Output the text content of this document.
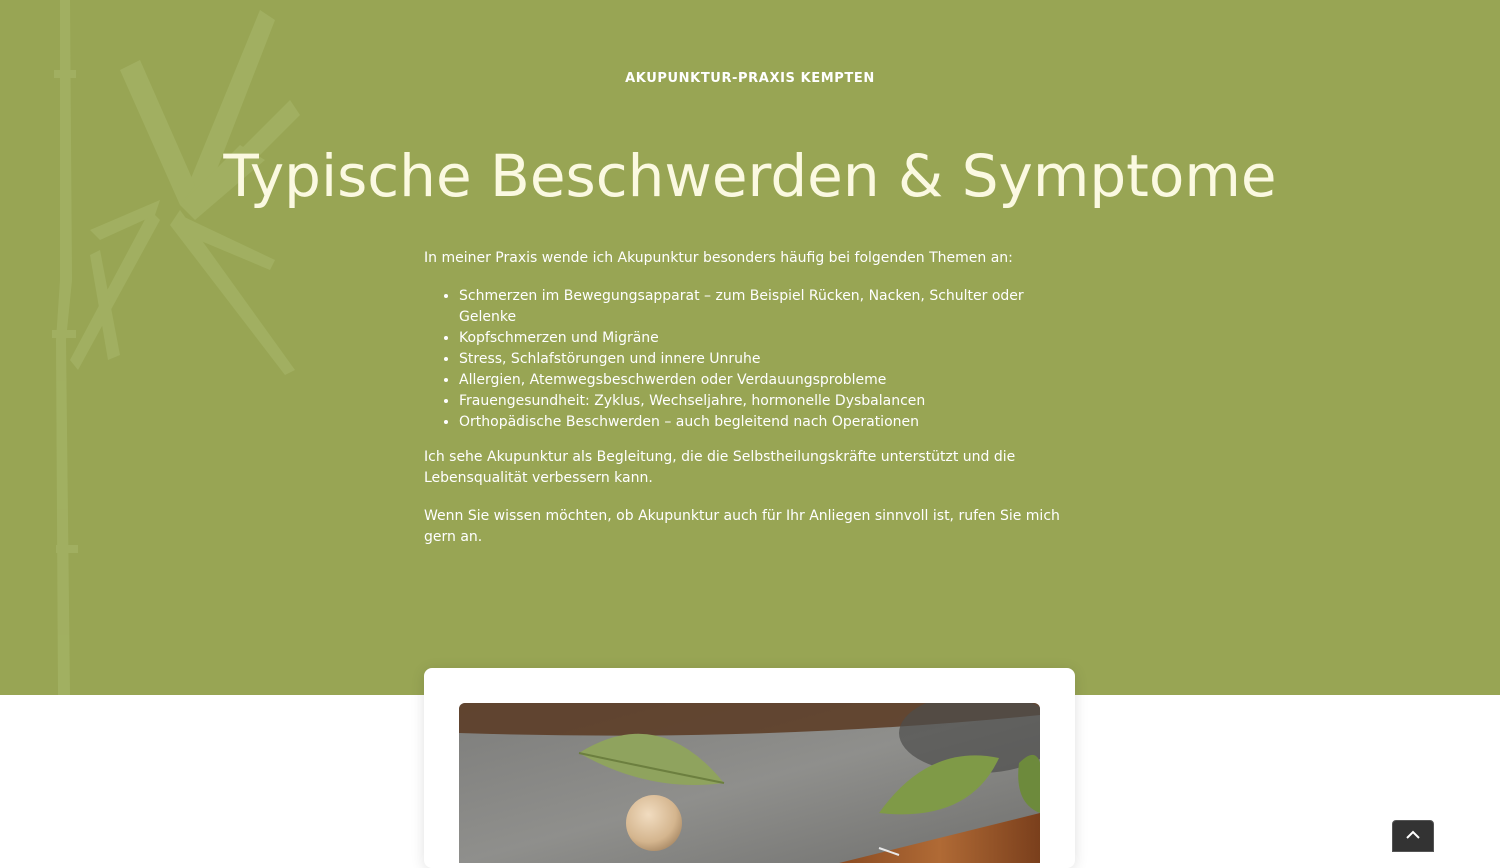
AKUPUNKTUR-PRAXIS KEMPTEN
Typische Beschwerden & Symptome

In meiner Praxis wende ich Akupunktur besonders häufig bei folgenden Themen an:

• Schmerzen im Bewegungsapparat – zum Beispiel Rücken, Nacken, Schulter oder Gelenke
• Kopfschmerzen und Migräne
• Stress, Schlafstörungen und innere Unruhe
• Allergien, Atemwegsbeschwerden oder Verdauungsprobleme
• Frauengesundheit: Zyklus, Wechseljahre, hormonelle Dysbalancen
• Orthopädische Beschwerden – auch begleitend nach Operationen

Ich sehe Akupunktur als Begleitung, die die Selbstheilungskräfte unterstützt und die Lebensqualität verbessern kann.

Wenn Sie wissen möchten, ob Akupunktur auch für Ihr Anliegen sinnvoll ist, rufen Sie mich gern an.
